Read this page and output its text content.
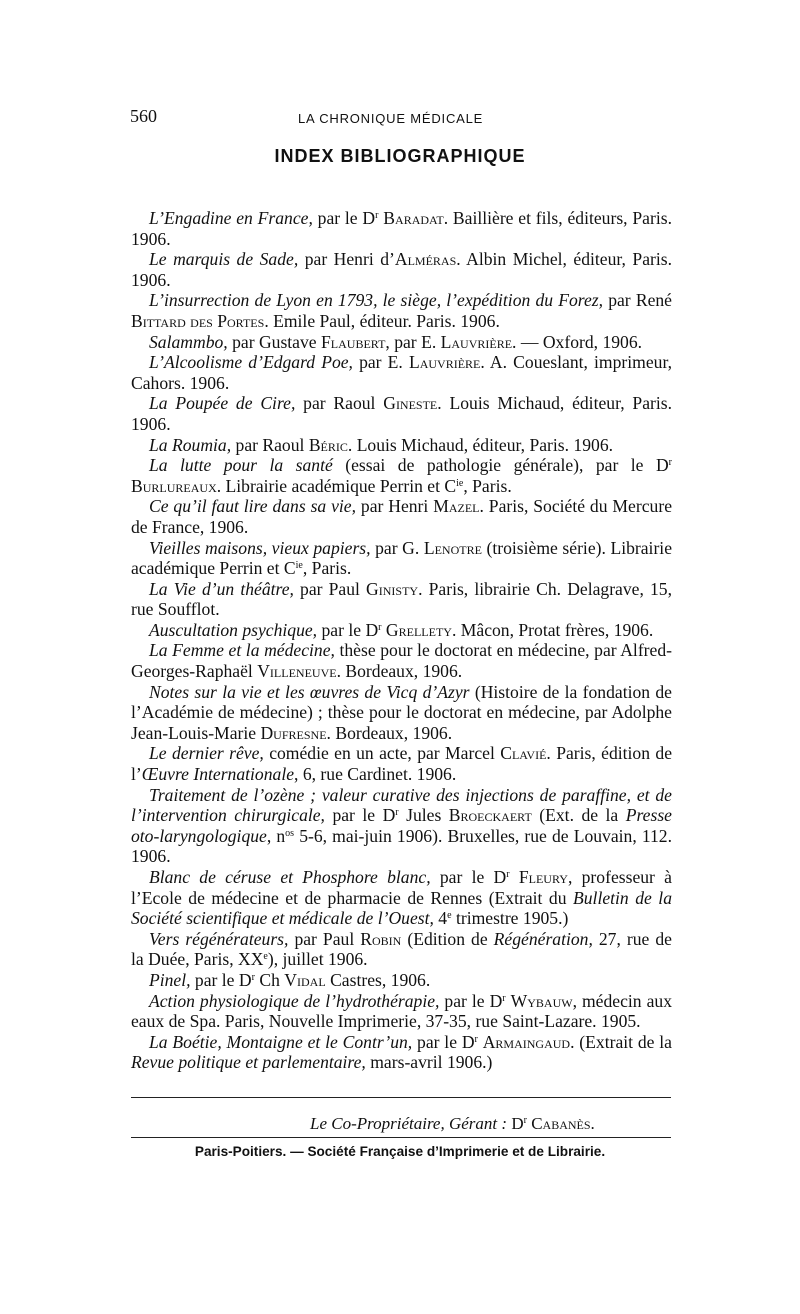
560	LA CHRONIQUE MÉDICALE
INDEX BIBLIOGRAPHIQUE

L’Engadine en France, par le $D^r$ Baradat. Baillière et fils, éditeurs, Paris. 1906.

Le marquis de Sade, par Henri d’Alméras. Albin Michel, éditeur, Paris. 1906.

L’insurrection de Lyon en 1793, le siège, l’expédition du Forez, par René Bittard des Portes. Emile Paul, éditeur. Paris. 1906.

Salammbo, par Gustave Flaubert, par E. Lauvrière. — Oxford, 1906.

L’Alcoolisme d’Edgard Poe, par E. Lauvrière. A. Coueslant, imprimeur, Cahors. 1906.

La Poupée de Cire, par Raoul Gineste. Louis Michaud, éditeur, Paris. 1906.

La Roumia, par Raoul Béric. Louis Michaud, éditeur, Paris. 1906.

La lutte pour la santé (essai de pathologie générale), par le $D^r$ Burlureaux. Librairie académique Perrin et $C^{ie}$, Paris.

Ce qu’il faut lire dans sa vie, par Henri Mazel. Paris, Société du Mercure de France, 1906.

Vieilles maisons, vieux papiers, par G. Lenotre (troisième série). Librairie académique Perrin et $C^{ie}$, Paris.

La Vie d’un théâtre, par Paul Ginisty. Paris, librairie Ch. Delagrave, 15, rue Soufflot.

Auscultation psychique, par le $D^r$ Grellety. Mâcon, Protat frères, 1906.

La Femme et la médecine, thèse pour le doctorat en médecine, par Alfred-Georges-Raphaël Villeneuve. Bordeaux, 1906.

Notes sur la vie et les œuvres de Vicq d’Azyr (Histoire de la fondation de l’Académie de médecine) ; thèse pour le doctorat en médecine, par Adolphe Jean-Louis-Marie Dufresne. Bordeaux, 1906.

Le dernier rêve, comédie en un acte, par Marcel Clavié. Paris, édition de l’Œuvre Internationale, 6, rue Cardinet. 1906.

Traitement de l’ozène ; valeur curative des injections de paraffine, et de l’intervention chirurgicale, par le $D^r$ Jules Broeckaert (Ext. de la Presse oto-laryngologique, $n^{os}$ 5-6, mai-juin 1906). Bruxelles, rue de Louvain, 112. 1906.

Blanc de céruse et Phosphore blanc, par le $D^r$ Fleury, professeur à l’Ecole de médecine et de pharmacie de Rennes (Extrait du Bulletin de la Société scientifique et médicale de l’Ouest, 4e trimestre 1905.)

Vers régénérateurs, par Paul Robin (Edition de Régénération, 27, rue de la Duée, Paris, XXe), juillet 1906.

Pinel, par le $D^r$ Ch Vidal Castres, 1906.

Action physiologique de l’hydrothérapie, par le $D^r$ Wybauw, médecin aux eaux de Spa. Paris, Nouvelle Imprimerie, 37-35, rue Saint-Lazare. 1905.

La Boétie, Montaigne et le Contr’un, par le $D^r$ Armaingaud. (Extrait de la Revue politique et parlementaire, mars-avril 1906.)

Le Co-Propriétaire, Gérant : $D^r$ Cabanès.
Paris-Poitiers. — Société Française d’Imprimerie et de Librairie.
